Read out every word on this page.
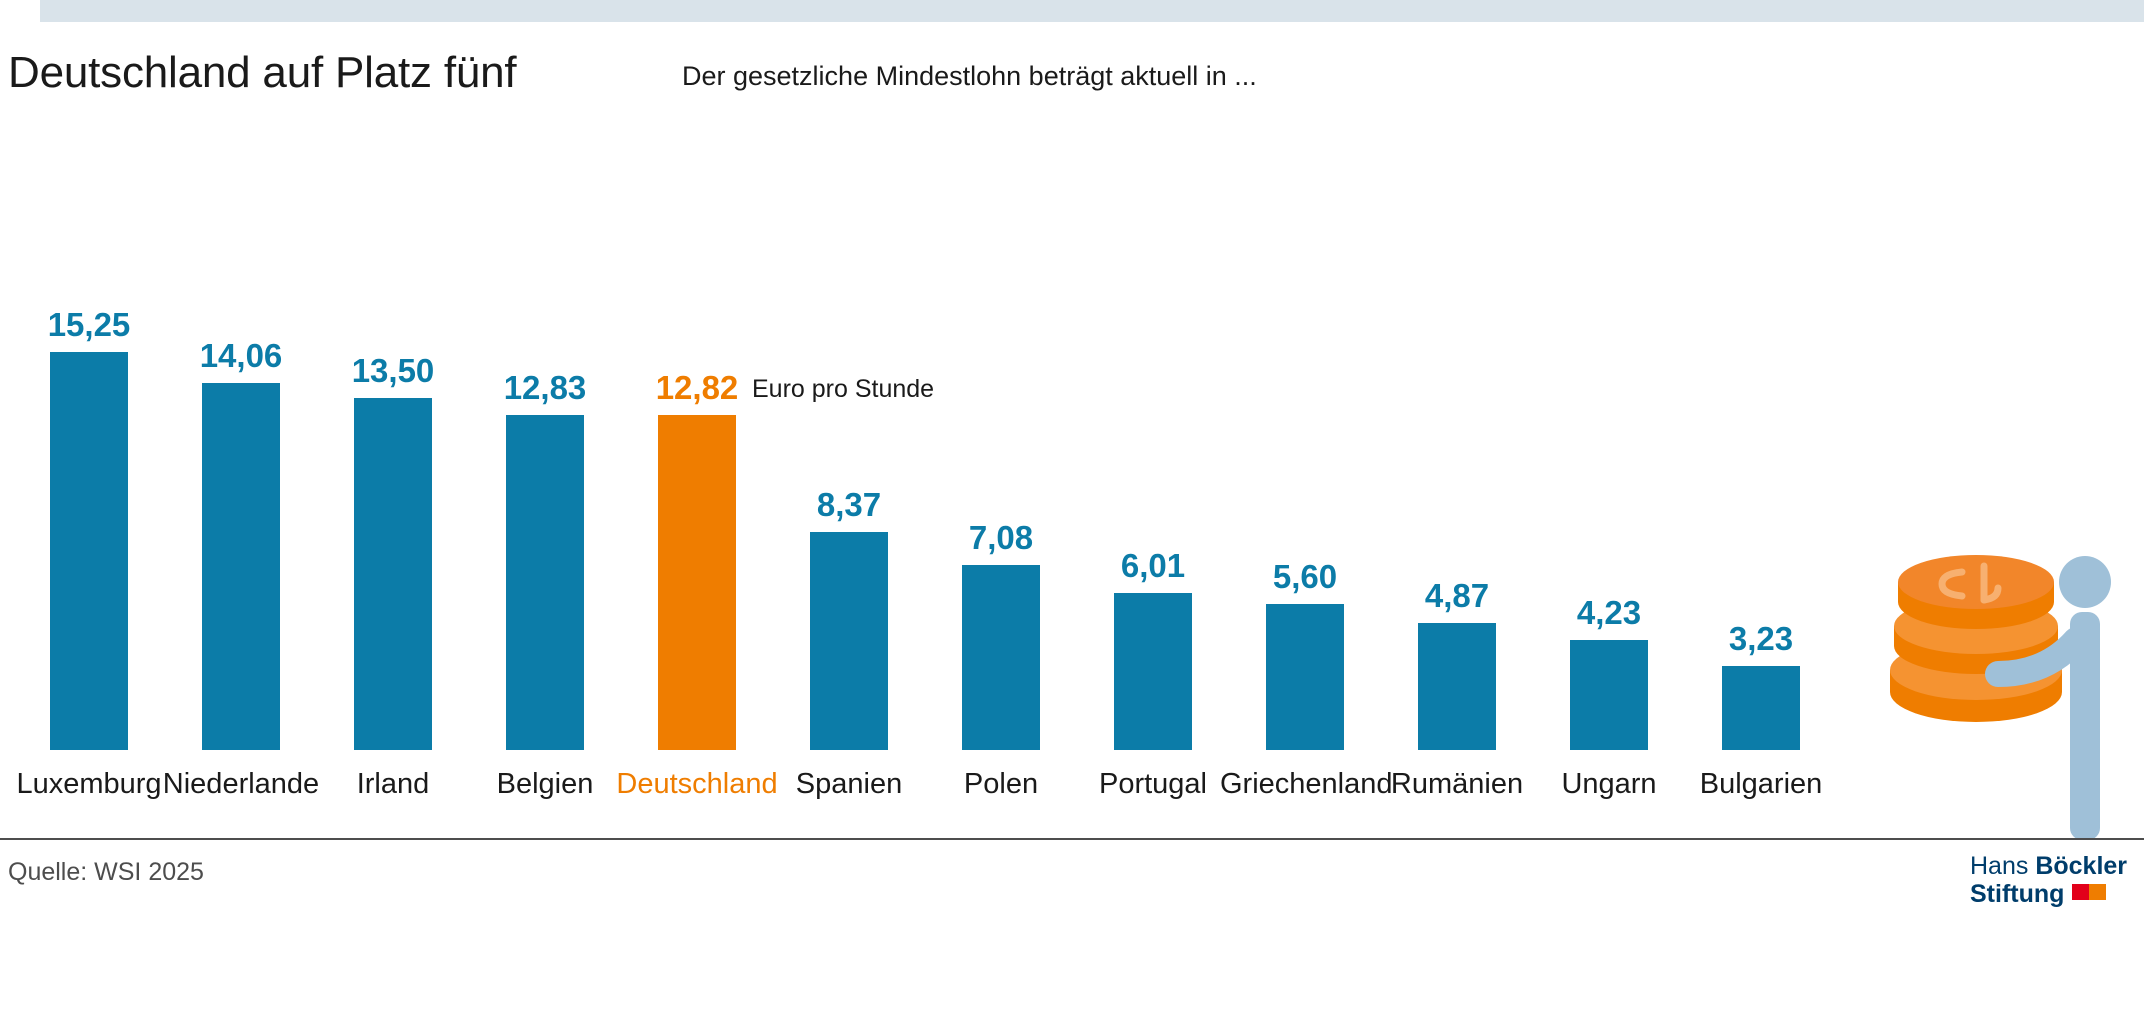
Deutschland auf Platz fünf	Der gesetzliche Mindestlohn beträgt aktuell in ...
15,25
14,06	13,50	12,83	12,82
8,37
7,08
6,01	5,60
4,87	4,23
3,23
Euro pro Stunde
Luxemburg Niederlande	Irland	Belgien Deutschland Spanien	Polen	Portugal Griechenland
Rumänien	Ungarn	Bulgarien
Quelle: WSI 2025	Hans Böckler
Stiftung
